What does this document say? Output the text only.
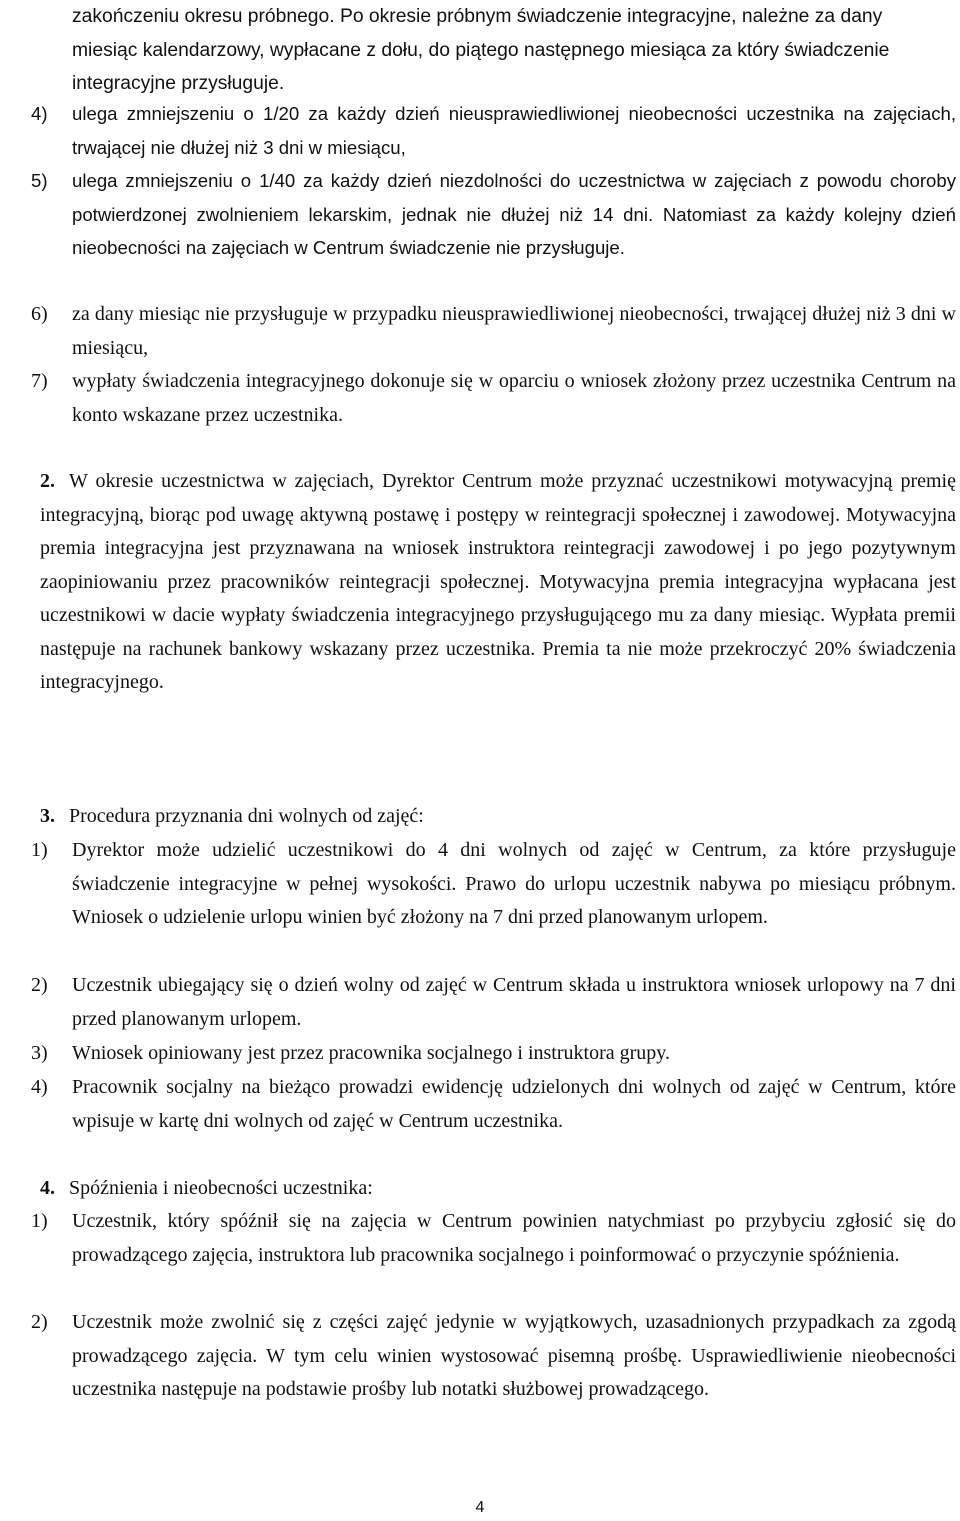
zakończeniu okresu próbnego. Po okresie próbnym świadczenie integracyjne, należne za dany miesiąc kalendarzowy, wypłacane z dołu, do piątego następnego miesiąca za który świadczenie integracyjne przysługuje.

4)	ulega zmniejszeniu o 1/20 za każdy dzień nieusprawiedliwionej nieobecności uczestnika na zajęciach, trwającej nie dłużej niż 3 dni w miesiącu,
5)	ulega zmniejszeniu o 1/40 za każdy dzień niezdolności do uczestnictwa w zajęciach z powodu choroby potwierdzonej zwolnieniem lekarskim, jednak nie dłużej niż 14 dni. Natomiast za każdy kolejny dzień nieobecności na zajęciach w Centrum świadczenie nie przysługuje.
6)	za dany miesiąc nie przysługuje w przypadku nieusprawiedliwionej nieobecności, trwającej dłużej niż 3 dni w miesiącu,
7)	wypłaty świadczenia integracyjnego dokonuje się w oparciu o wniosek złożony przez uczestnika Centrum na konto wskazane przez uczestnika.

2. W okresie uczestnictwa w zajęciach, Dyrektor Centrum może przyznać uczestnikowi motywacyjną premię integracyjną, biorąc pod uwagę aktywną postawę i postępy w reintegracji społecznej i zawodowej. Motywacyjna premia integracyjna jest przyznawana na wniosek instruktora reintegracji zawodowej i po jego pozytywnym zaopiniowaniu przez pracowników reintegracji społecznej. Motywacyjna premia integracyjna wypłacana jest uczestnikowi w dacie wypłaty świadczenia integracyjnego przysługującego mu za dany miesiąc. Wypłata premii następuje na rachunek bankowy wskazany przez uczestnika. Premia ta nie może przekroczyć 20% świadczenia integracyjnego.

3. Procedura przyznania dni wolnych od zajęć:

1)	Dyrektor może udzielić uczestnikowi do 4 dni wolnych od zajęć w Centrum, za które przysługuje świadczenie integracyjne w pełnej wysokości. Prawo do urlopu uczestnik nabywa po miesiącu próbnym. Wniosek o udzielenie urlopu winien być złożony na 7 dni przed planowanym urlopem.
2)	Uczestnik ubiegający się o dzień wolny od zajęć w Centrum składa u instruktora wniosek urlopowy na 7 dni przed planowanym urlopem.
3)	Wniosek opiniowany jest przez pracownika socjalnego i instruktora grupy.
4)	Pracownik socjalny na bieżąco prowadzi ewidencję udzielonych dni wolnych od zajęć w Centrum, które wpisuje w kartę dni wolnych od zajęć w Centrum uczestnika.

4. Spóźnienia i nieobecności uczestnika:

1)	Uczestnik, który spóźnił się na zajęcia w Centrum powinien natychmiast po przybyciu zgłosić się do prowadzącego zajęcia, instruktora lub pracownika socjalnego i poinformować o przyczynie spóźnienia.
2)	Uczestnik może zwolnić się z części zajęć jedynie w wyjątkowych, uzasadnionych przypadkach za zgodą prowadzącego zajęcia. W tym celu winien wystosować pisemną prośbę. Usprawiedliwienie nieobecności uczestnika następuje na podstawie prośby lub notatki służbowej prowadzącego.
4
